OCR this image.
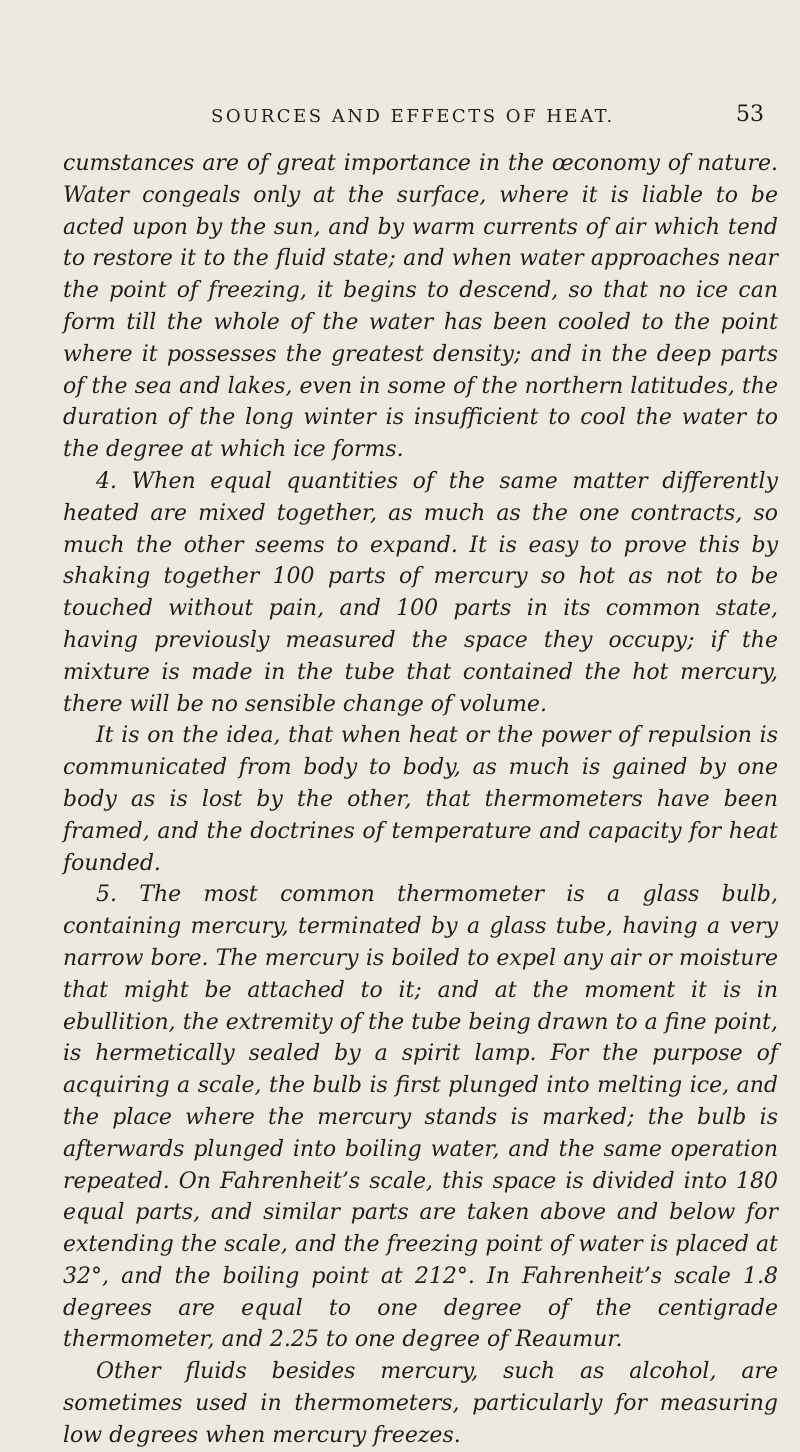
SOURCES AND EFFECTS OF HEAT.	53

cumstances are of great importance in the œconomy of nature. Water congeals only at the surface, where it is liable to be acted upon by the sun, and by warm currents of air which tend to restore it to the fluid state; and when water approaches near the point of freezing, it begins to descend, so that no ice can form till the whole of the water has been cooled to the point where it possesses the greatest density; and in the deep parts of the sea and lakes, even in some of the northern latitudes, the duration of the long winter is insufficient to cool the water to the degree at which ice forms.

4. When equal quantities of the same matter differently heated are mixed together, as much as the one contracts, so much the other seems to expand. It is easy to prove this by shaking together 100 parts of mercury so hot as not to be touched without pain, and 100 parts in its common state, having previously measured the space they occupy; if the mixture is made in the tube that contained the hot mercury, there will be no sensible change of volume.

It is on the idea, that when heat or the power of repulsion is communicated from body to body, as much is gained by one body as is lost by the other, that thermometers have been framed, and the doctrines of temperature and capacity for heat founded.

5. The most common thermometer is a glass bulb, containing mercury, terminated by a glass tube, having a very narrow bore. The mercury is boiled to expel any air or moisture that might be attached to it; and at the moment it is in ebullition, the extremity of the tube being drawn to a fine point, is hermetically sealed by a spirit lamp. For the purpose of acquiring a scale, the bulb is first plunged into melting ice, and the place where the mercury stands is marked; the bulb is afterwards plunged into boiling water, and the same operation repeated. On Fahrenheit’s scale, this space is divided into 180 equal parts, and similar parts are taken above and below for extending the scale, and the freezing point of water is placed at 32°, and the boiling point at 212°. In Fahrenheit’s scale 1.8 degrees are equal to one degree of the centigrade thermometer, and 2.25 to one degree of Reaumur.

Other fluids besides mercury, such as alcohol, are sometimes used in thermometers, particularly for measuring low degrees when mercury freezes.
